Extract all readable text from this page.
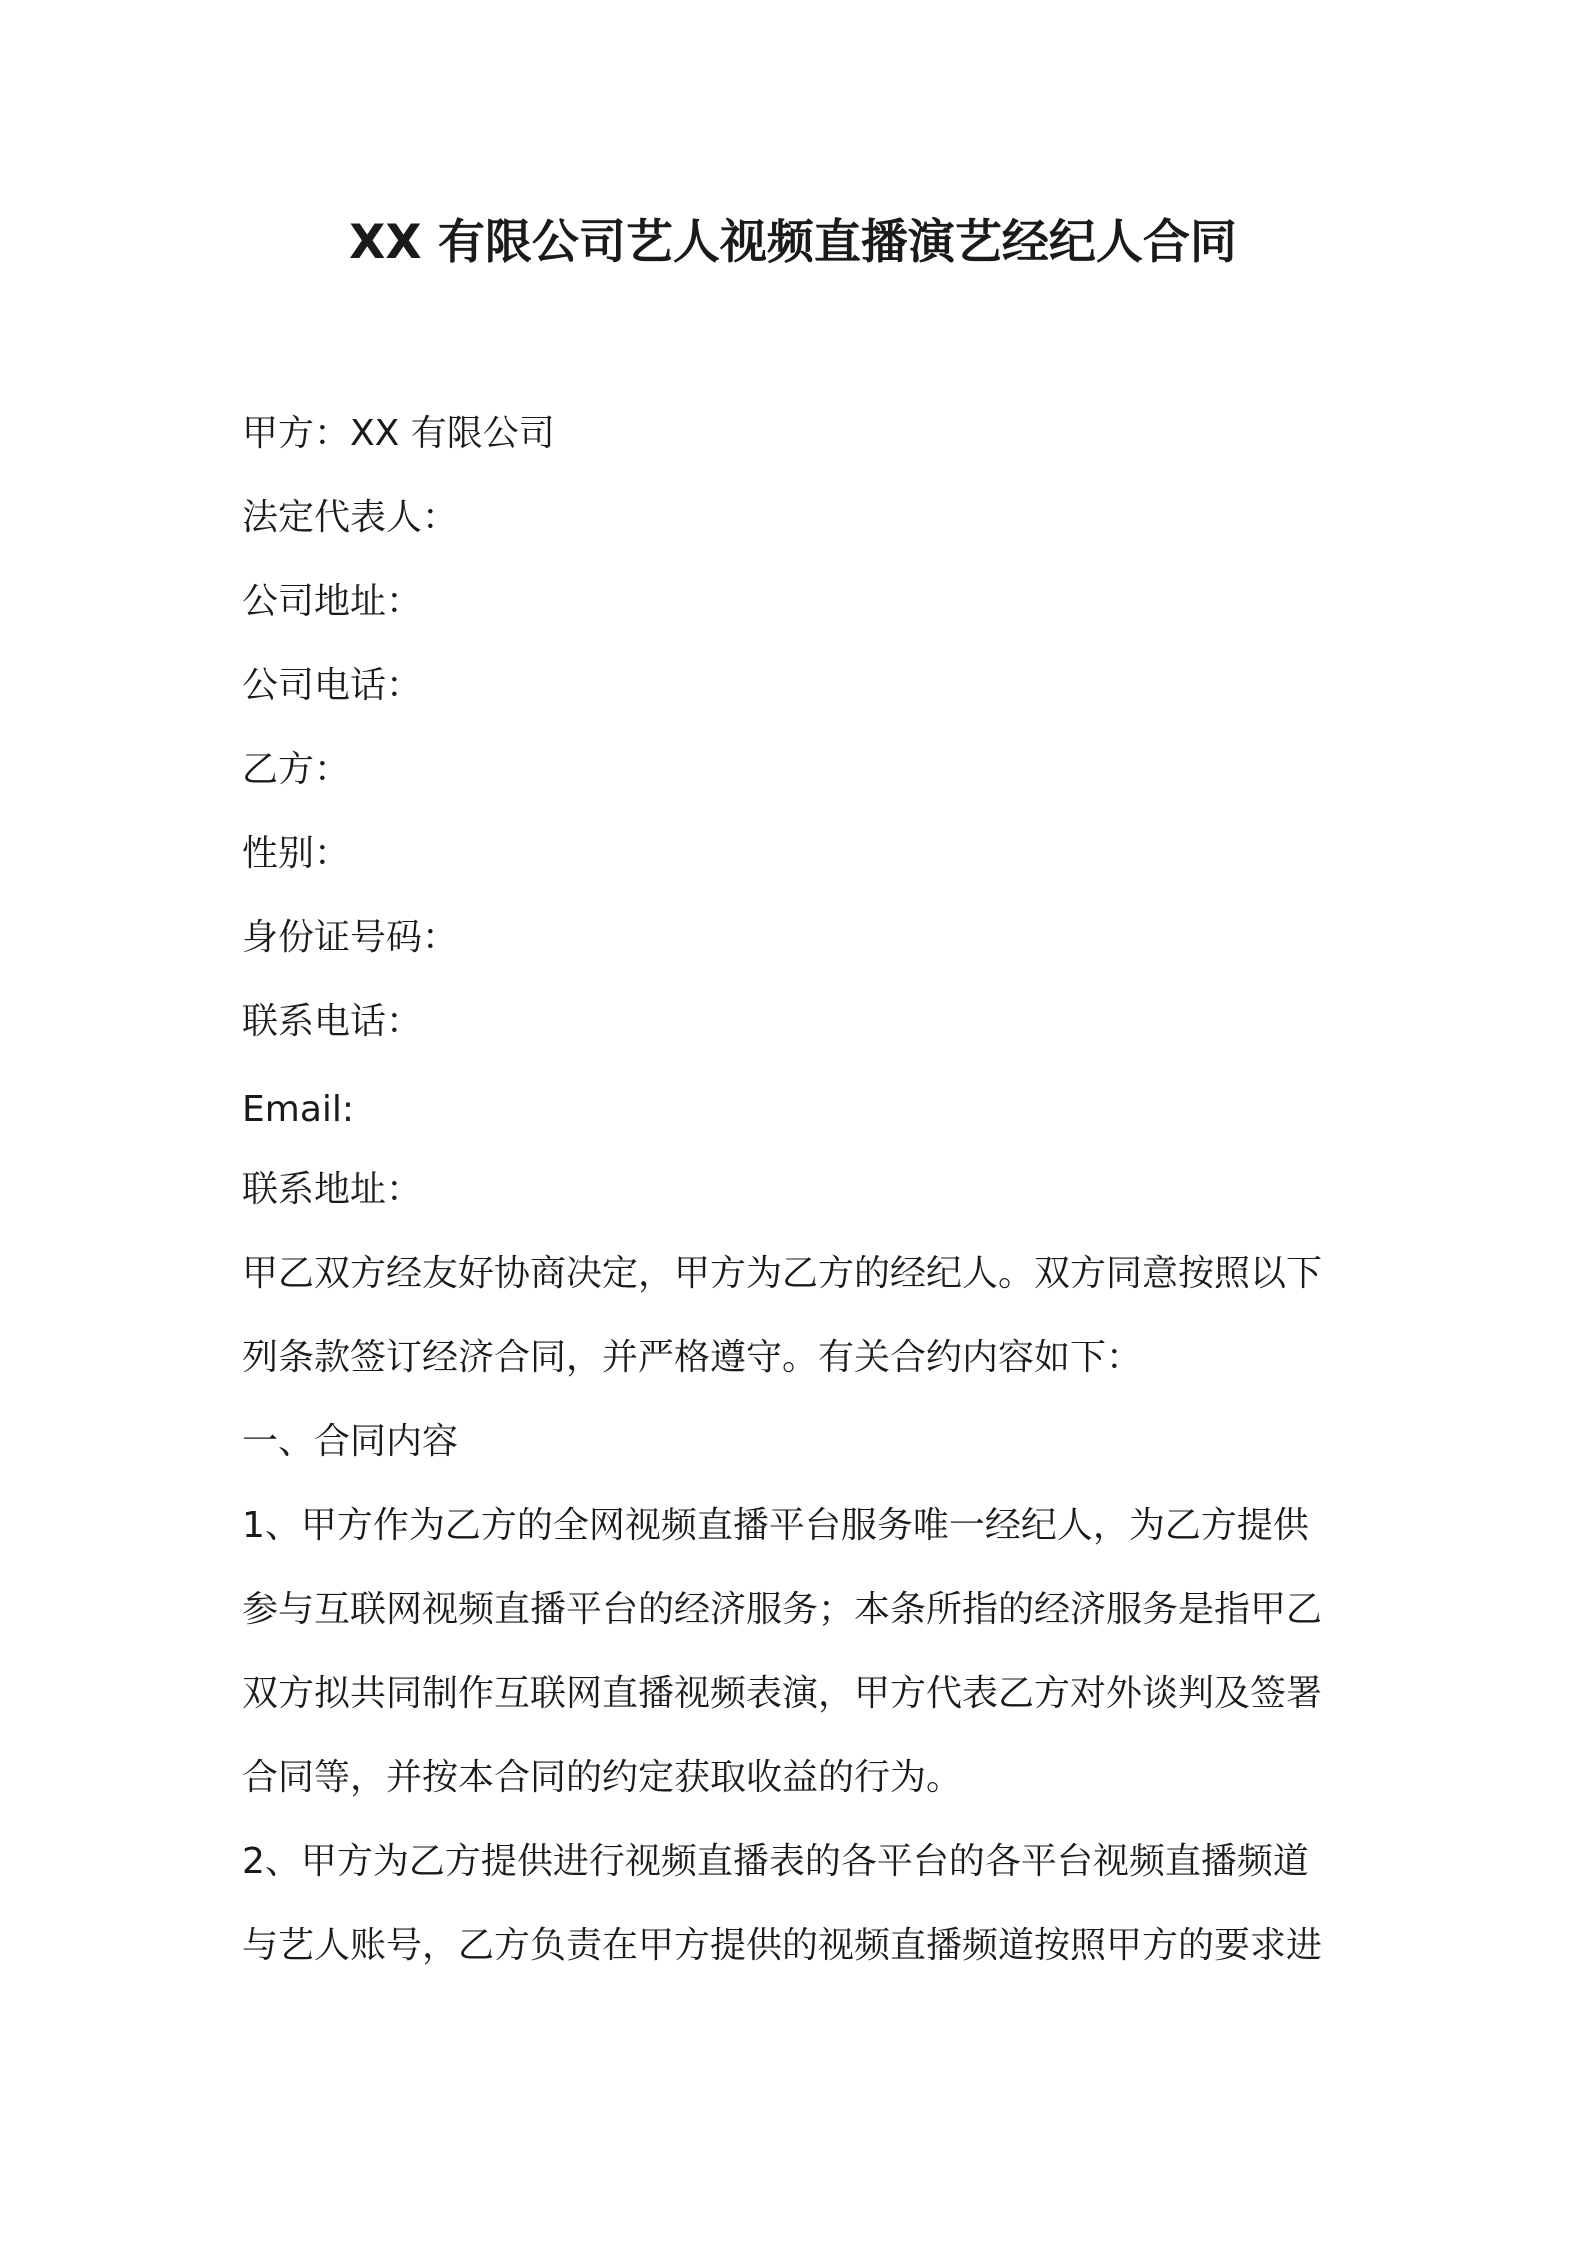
XX 有限公司艺人视频直播演艺经纪人合同

甲方：XX 有限公司

法定代表人：

公司地址：

公司电话：

乙方：

性别：

身份证号码：

联系电话：

Email:

联系地址：

甲乙双方经友好协商决定，甲方为乙方的经纪人。双方同意按照以下

列条款签订经济合同，并严格遵守。有关合约内容如下：

一、合同内容

1、甲方作为乙方的全网视频直播平台服务唯一经纪人，为乙方提供

参与互联网视频直播平台的经济服务；本条所指的经济服务是指甲乙

双方拟共同制作互联网直播视频表演，甲方代表乙方对外谈判及签署

合同等，并按本合同的约定获取收益的行为。

2、甲方为乙方提供进行视频直播表的各平台的各平台视频直播频道

与艺人账号，乙方负责在甲方提供的视频直播频道按照甲方的要求进
